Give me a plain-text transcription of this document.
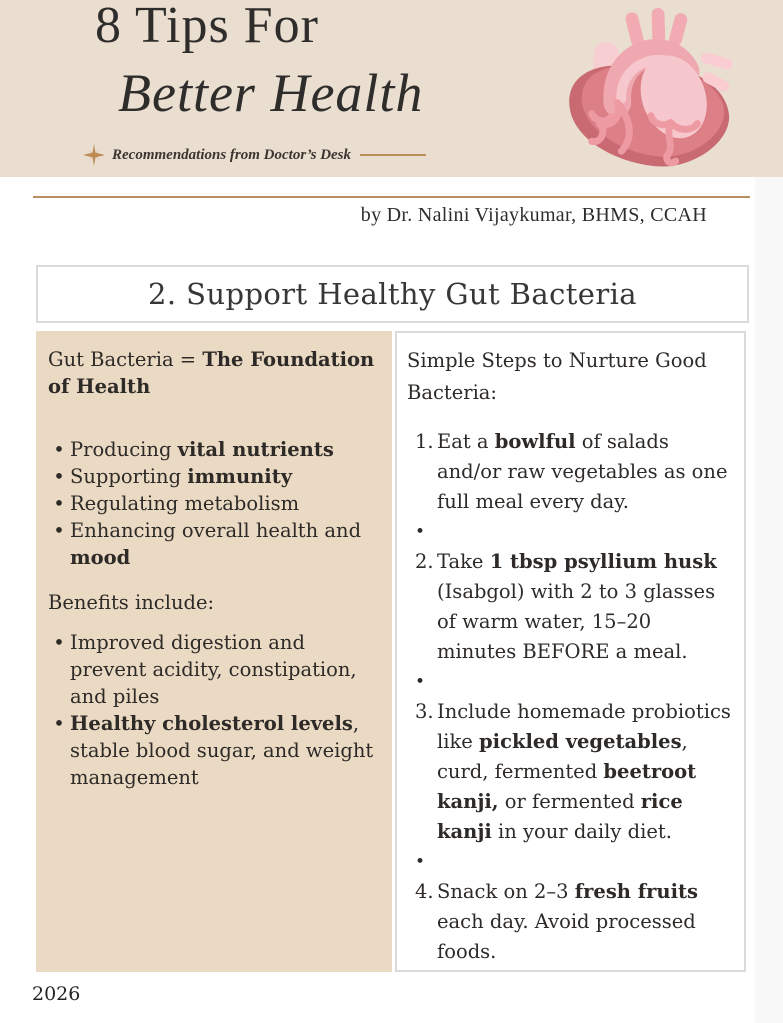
8 Tips For
Better Health
Recommendations from Doctor’s Desk
by Dr. Nalini Vijaykumar, BHMS, CCAH
2. Support Healthy Gut Bacteria

Gut Bacteria = The Foundation of Health

• Producing vital nutrients
• Supporting immunity
• Regulating metabolism
• Enhancing overall health and mood

Benefits include:

• Improved digestion and prevent acidity, constipation, and piles
• Healthy cholesterol levels, stable blood sugar, and weight management

Simple Steps to Nurture Good Bacteria:

1. Eat a bowlful of salads and/or raw vegetables as one full meal every day.
•
2. Take 1 tbsp psyllium husk (Isabgol) with 2 to 3 glasses of warm water, 15–20 minutes BEFORE a meal.
•
3. Include homemade probiotics like pickled vegetables, curd, fermented beetroot kanji, or fermented rice kanji in your daily diet.
•
4. Snack on 2–3 fresh fruits each day. Avoid processed foods.
2026
